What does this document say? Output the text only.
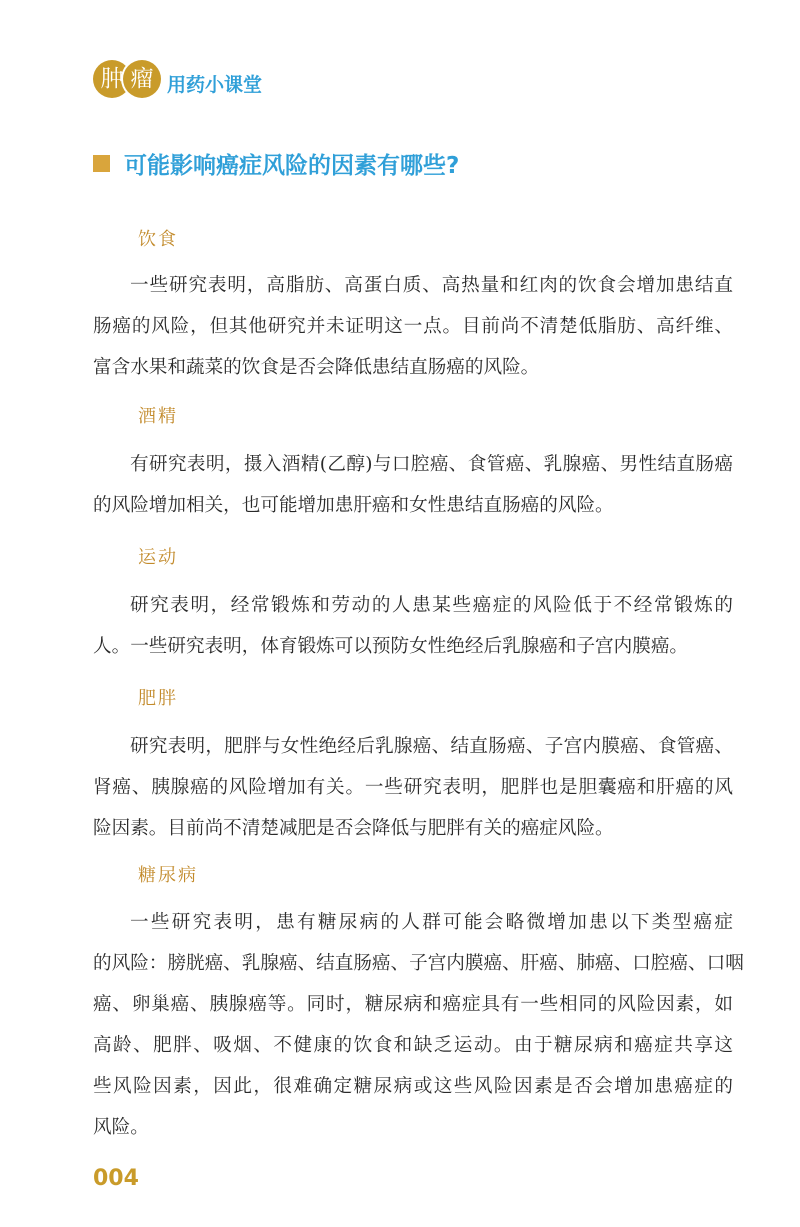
肿 瘤 用药小课堂
可能影响癌症风险的因素有哪些?
饮食
一些研究表明，高脂肪、高蛋白质、高热量和红肉的饮食会增加患结直
肠癌的风险，但其他研究并未证明这一点。目前尚不清楚低脂肪、高纤维、
富含水果和蔬菜的饮食是否会降低患结直肠癌的风险。
酒精
有研究表明，摄入酒精(乙醇)与口腔癌、食管癌、乳腺癌、男性结直肠癌
的风险增加相关，也可能增加患肝癌和女性患结直肠癌的风险。
运动
研究表明，经常锻炼和劳动的人患某些癌症的风险低于不经常锻炼的
人。一些研究表明，体育锻炼可以预防女性绝经后乳腺癌和子宫内膜癌。
肥胖
研究表明，肥胖与女性绝经后乳腺癌、结直肠癌、子宫内膜癌、食管癌、
肾癌、胰腺癌的风险增加有关。一些研究表明，肥胖也是胆囊癌和肝癌的风
险因素。目前尚不清楚减肥是否会降低与肥胖有关的癌症风险。
糖尿病
一些研究表明，患有糖尿病的人群可能会略微增加患以下类型癌症
的风险：膀胱癌、乳腺癌、结直肠癌、子宫内膜癌、肝癌、肺癌、口腔癌、口咽
癌、卵巢癌、胰腺癌等。同时，糖尿病和癌症具有一些相同的风险因素，如
高龄、肥胖、吸烟、不健康的饮食和缺乏运动。由于糖尿病和癌症共享这
些风险因素，因此，很难确定糖尿病或这些风险因素是否会增加患癌症的
风险。
004
